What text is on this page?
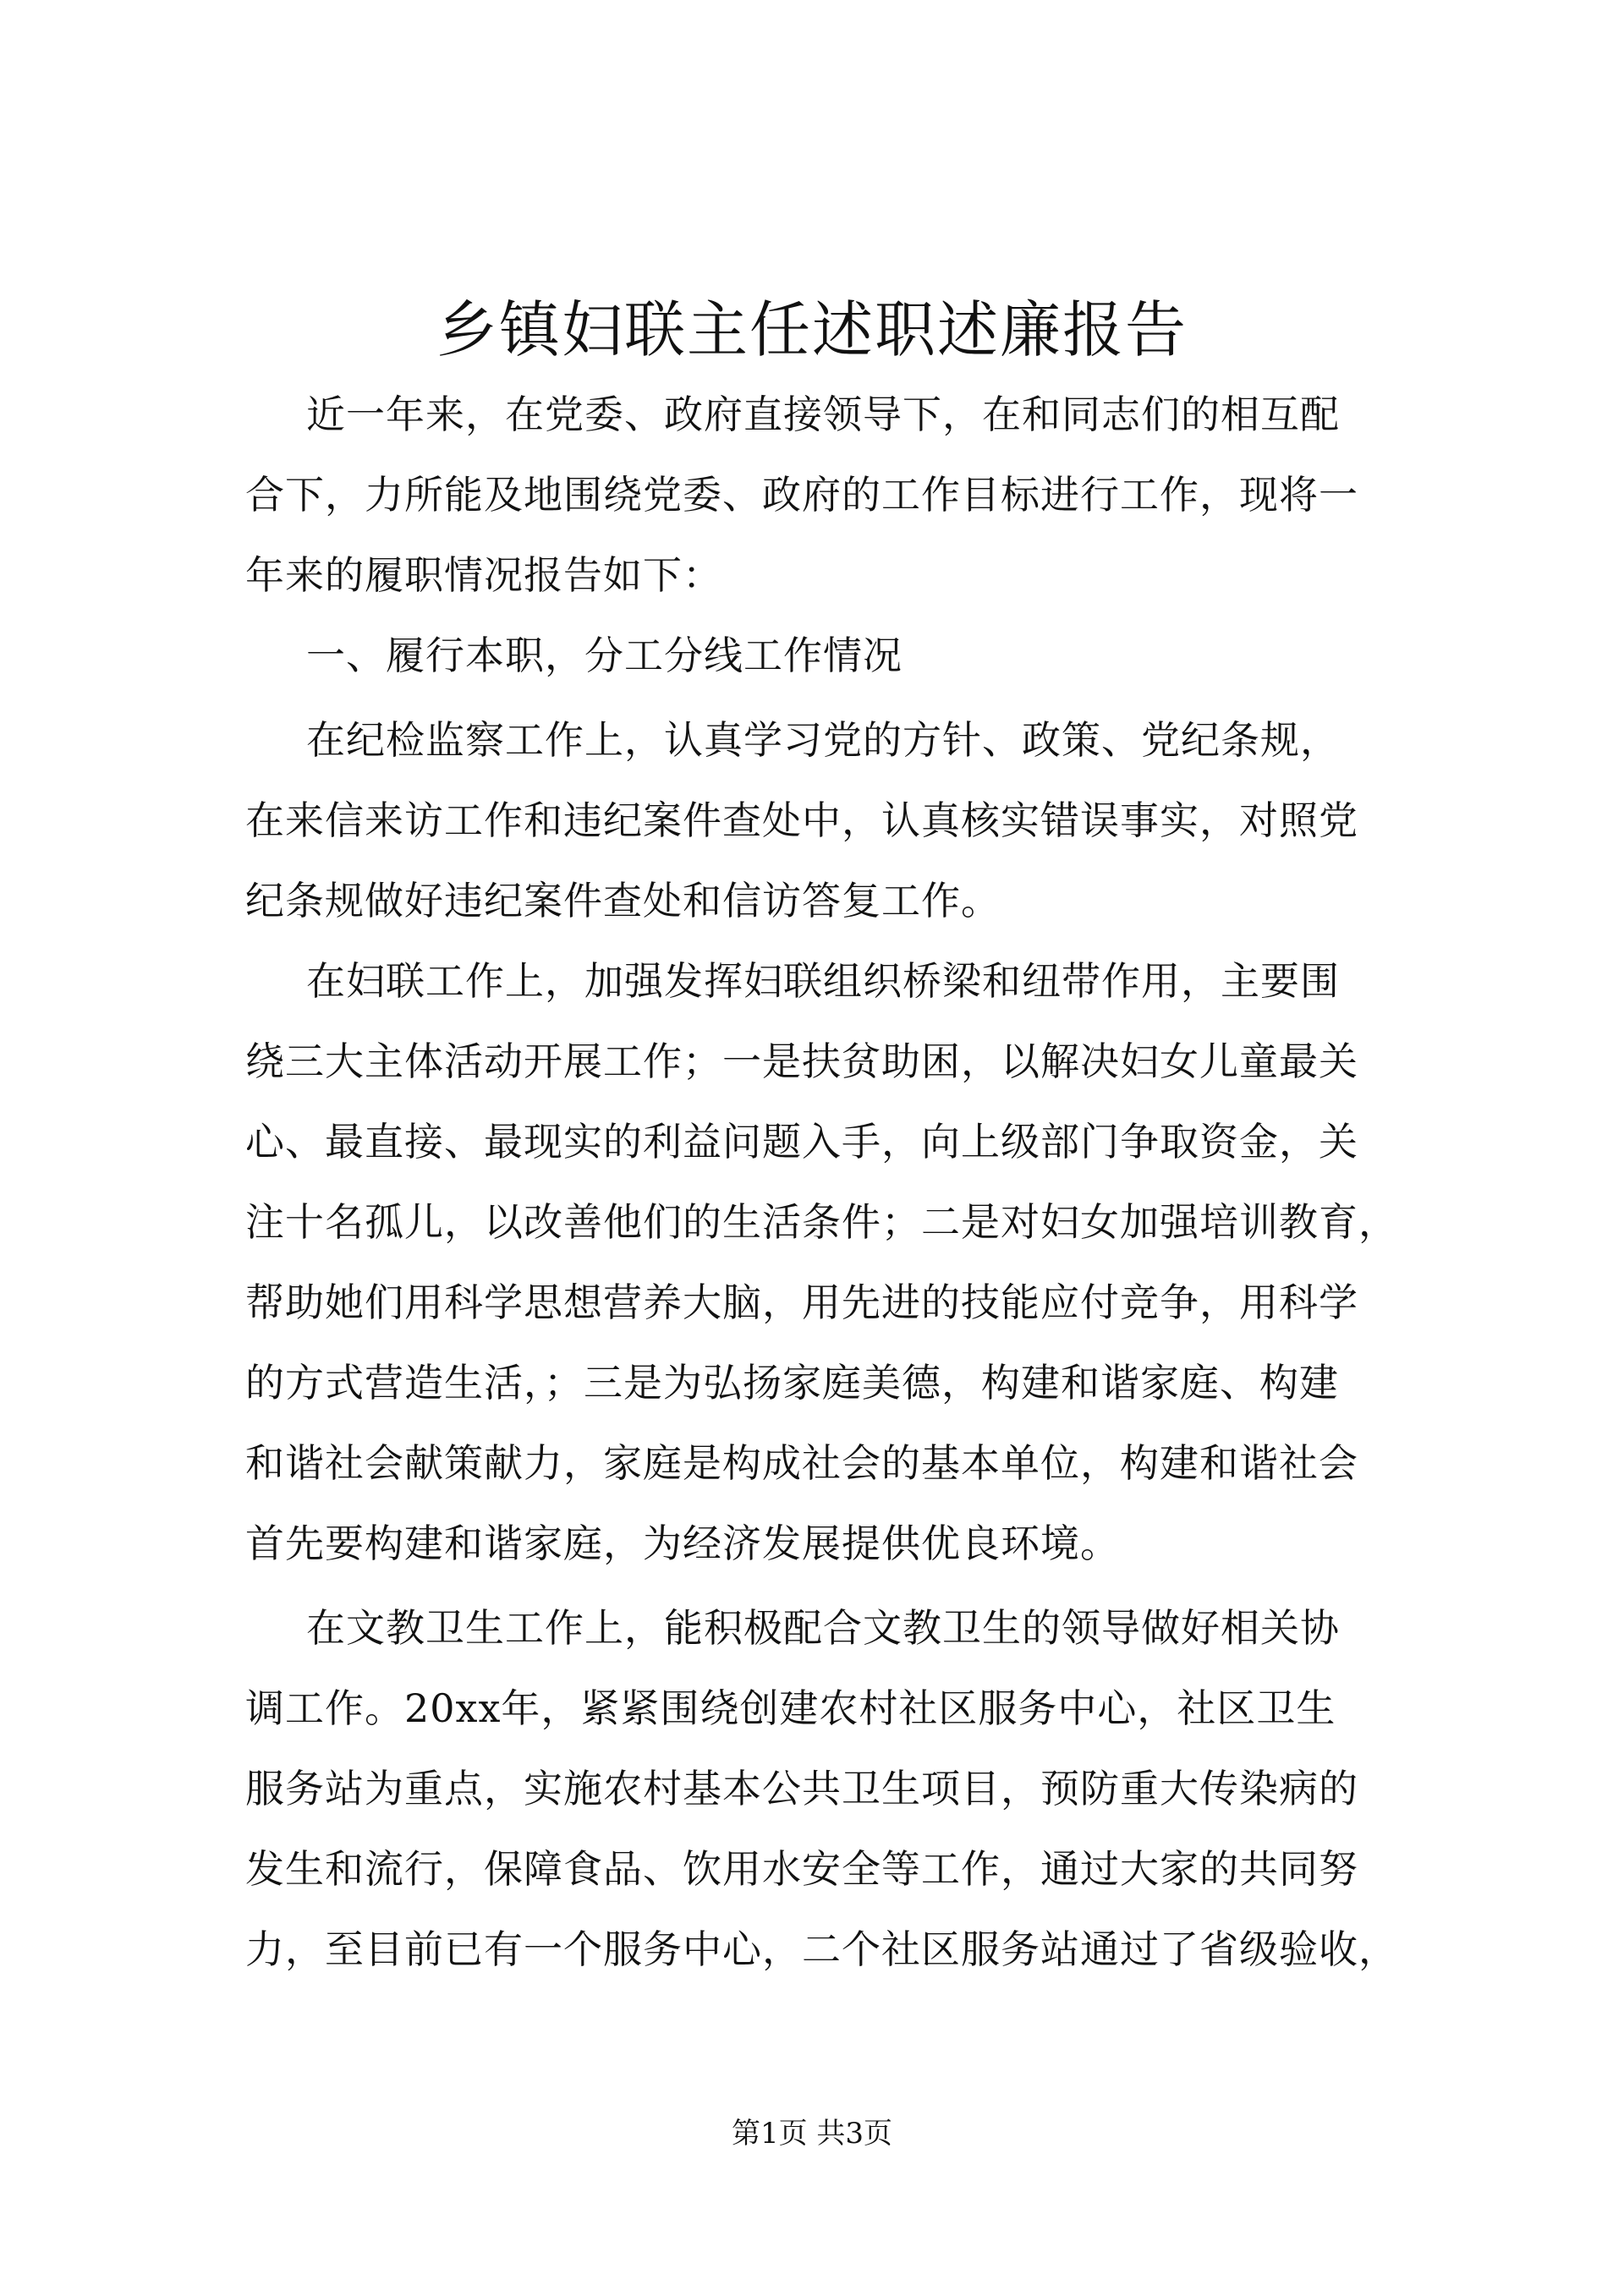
乡镇妇联主任述职述廉报告
近一年来，在党委、政府直接领导下，在和同志们的相互配
合下，力所能及地围绕党委、政府的工作目标进行工作，现将一
年来的履职情况报告如下：
一、履行本职，分工分线工作情况
在纪检监察工作上，认真学习党的方针、政策、党纪条规，
在来信来访工作和违纪案件查处中，认真核实错误事实，对照党
纪条规做好违纪案件查处和信访答复工作。
在妇联工作上，加强发挥妇联组织桥梁和纽带作用，主要围
绕三大主体活动开展工作；一是扶贫助困，以解决妇女儿童最关
心、最直接、最现实的利益问题入手，向上级部门争取资金，关
注十名孤儿，以改善他们的生活条件；二是对妇女加强培训教育，
帮助她们用科学思想营养大脑，用先进的技能应付竞争，用科学
的方式营造生活，；三是为弘扬家庭美德，构建和谐家庭、构建
和谐社会献策献力，家庭是构成社会的基本单位，构建和谐社会
首先要构建和谐家庭，为经济发展提供优良环境。
在文教卫生工作上，能积极配合文教卫生的领导做好相关协
调工作。20xx年，紧紧围绕创建农村社区服务中心，社区卫生
服务站为重点，实施农村基本公共卫生项目，预防重大传染病的
发生和流行，保障食品、饮用水安全等工作，通过大家的共同努
力，至目前已有一个服务中心，二个社区服务站通过了省级验收，
第1页 共3页
